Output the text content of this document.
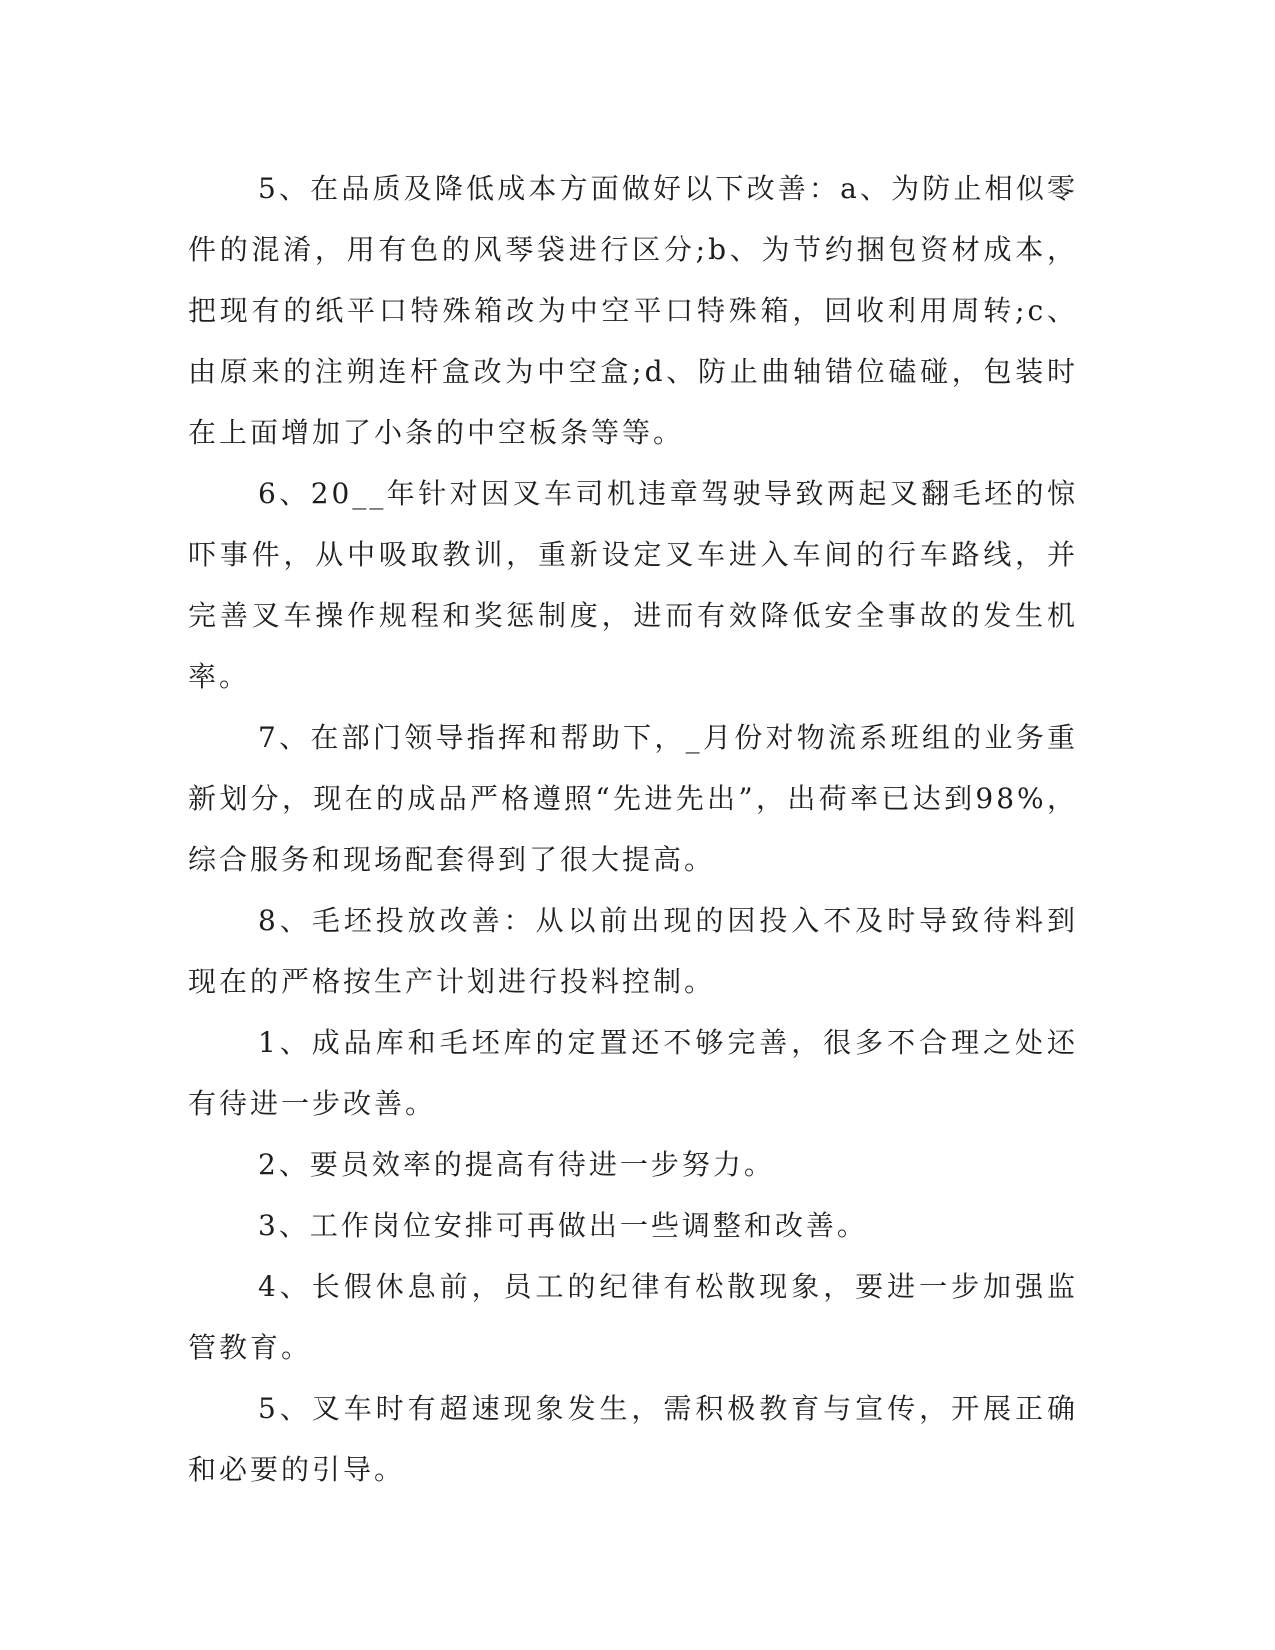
5、在品质及降低成本方面做好以下改善：a、为防止相似零件的混淆，用有色的风琴袋进行区分;b、为节约捆包资材成本，把现有的纸平口特殊箱改为中空平口特殊箱，回收利用周转;c、由原来的注朔连杆盒改为中空盒;d、防止曲轴错位磕碰，包装时在上面增加了小条的中空板条等等。

6、20__年针对因叉车司机违章驾驶导致两起叉翻毛坯的惊吓事件，从中吸取教训，重新设定叉车进入车间的行车路线，并完善叉车操作规程和奖惩制度，进而有效降低安全事故的发生机率。

7、在部门领导指挥和帮助下，_月份对物流系班组的业务重新划分，现在的成品严格遵照“先进先出”，出荷率已达到98%，综合服务和现场配套得到了很大提高。

8、毛坯投放改善：从以前出现的因投入不及时导致待料到现在的严格按生产计划进行投料控制。

1、成品库和毛坯库的定置还不够完善，很多不合理之处还有待进一步改善。

2、要员效率的提高有待进一步努力。

3、工作岗位安排可再做出一些调整和改善。

4、长假休息前，员工的纪律有松散现象，要进一步加强监管教育。

5、叉车时有超速现象发生，需积极教育与宣传，开展正确和必要的引导。
